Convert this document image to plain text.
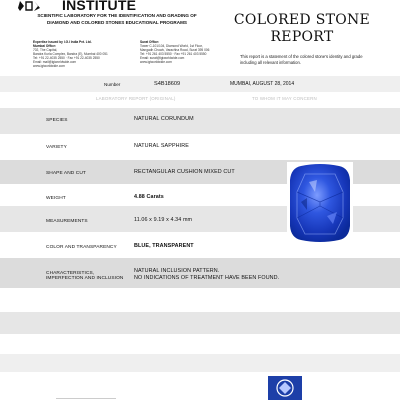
INSTITUTE
SCIENTIFIC LABORATORY FOR THE IDENTIFICATION AND GRADING OF DIAMOND AND COLORED STONES EDUCATIONAL PROGRAMS
Expertise issued by I.G.I India Pvt. Ltd.
Mumbai Office:
702, The Capital,
Bandra Kurla Complex, Bandra (E), Mumbai 400 051
Tel: +91 22-4035 2550 · Fax +91 22-4035 2550
Email: mail@igiworldwide.com
www.igiworldwide.com
Surat Office:
Tower C-101/104, Diamond World, 1st Floor,
Mangadh Chowk, Varachha Road, Surat 395 006
Tel: +91 261 403 5550 · Fax +91 261 403 5550
Email: surat@igiworldwide.com
www.igiworldwide.com
COLORED STONE
REPORT
This report is a statement of the colored stone's identity and grade including all relevant information.
Number	S4B18609	MUMBAI, AUGUST 28, 2014
LABORATORY REPORT (ORIGINAL)	TO WHOM IT MAY CONCERN
SPECIES	NATURAL CORUNDUM
VARIETY	NATURAL SAPPHIRE
SHAPE AND CUT	RECTANGULAR CUSHION MIXED CUT
WEIGHT	4.88 Carats
MEASUREMENTS	11.06 x 9.19 x 4.34 mm
COLOR AND TRANSPARENCY	BLUE, TRANSPARENT
CHARACTERISTICS,
IMPERFECTION AND INCLUSION
NATURAL INCLUSION PATTERN.
NO INDICATIONS OF TREATMENT HAVE BEEN FOUND.
